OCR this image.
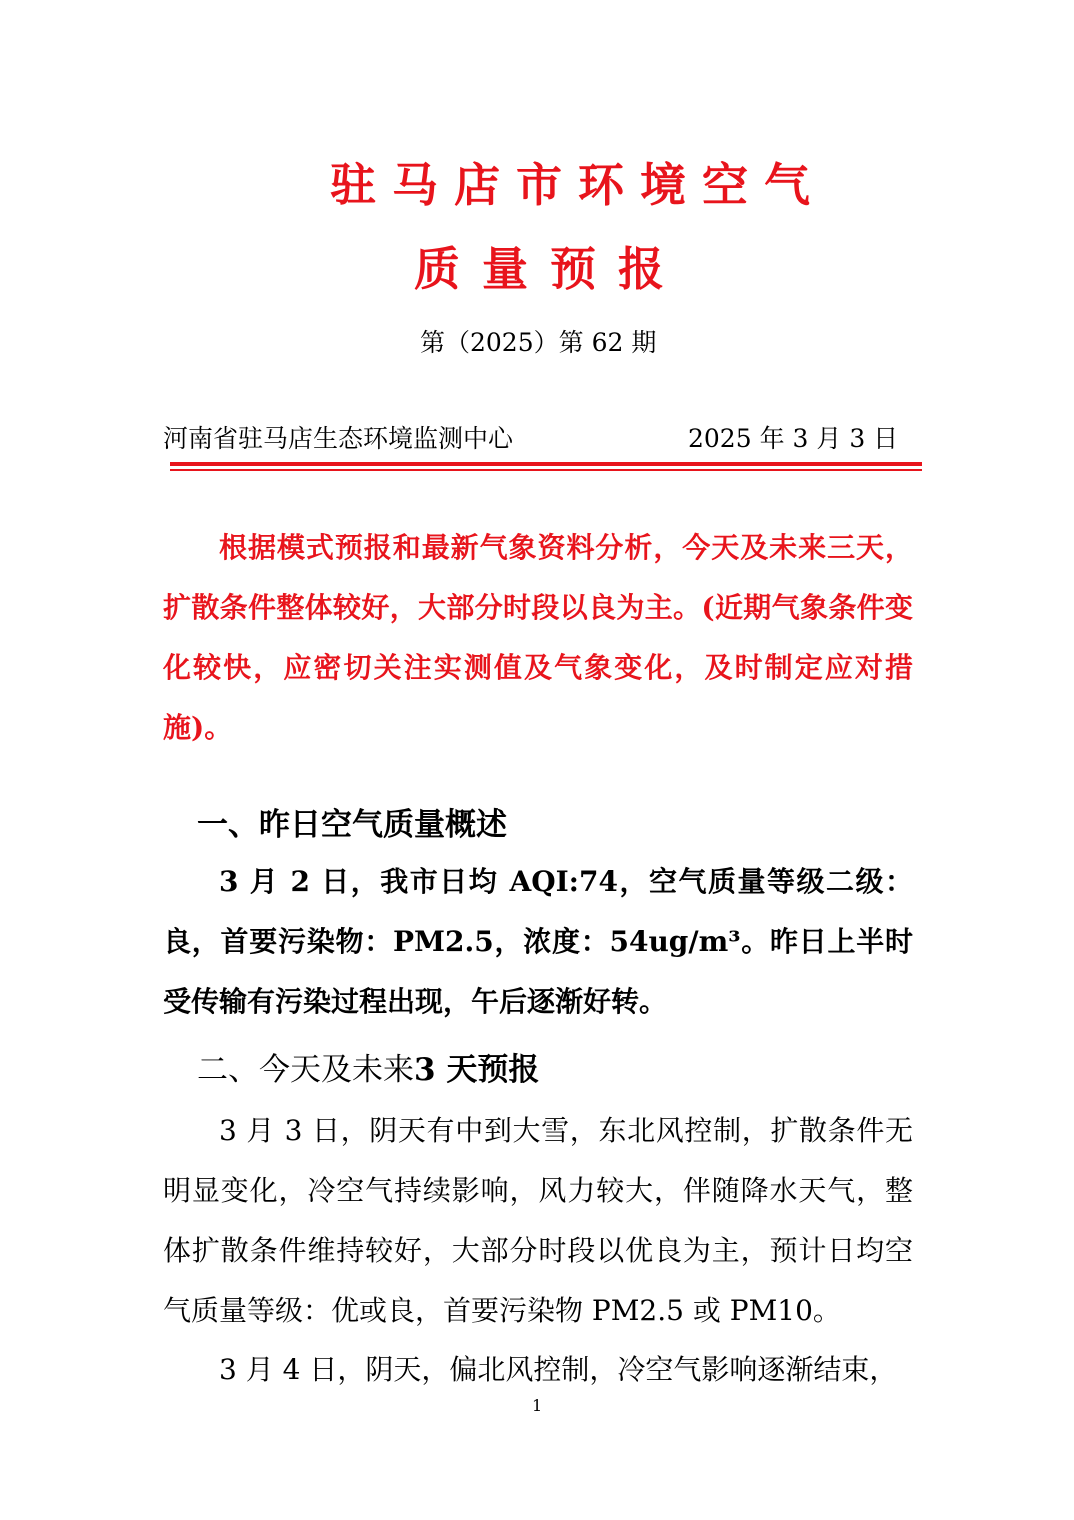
驻马店市环境空气
质量预报
第（2025）第 62 期
河南省驻马店生态环境监测中心	2025 年 3 月 3 日
根据模式预报和最新气象资料分析，今天及未来三天，扩散条件整体较好，大部分时段以良为主。(近期气象条件变化较快，应密切关注实测值及气象变化，及时制定应对措施)。
一、昨日空气质量概述
3 月 2 日，我市日均 AQI:74，空气质量等级二级：良，首要污染物：PM2.5，浓度：54ug/m³。昨日上半时受传输有污染过程出现，午后逐渐好转。
二、今天及未来3 天预报
3 月 3 日，阴天有中到大雪，东北风控制，扩散条件无明显变化，冷空气持续影响，风力较大，伴随降水天气，整体扩散条件维持较好，大部分时段以优良为主，预计日均空气质量等级：优或良，首要污染物 PM2.5 或 PM10。
3 月 4 日，阴天，偏北风控制，冷空气影响逐渐结束，
1
